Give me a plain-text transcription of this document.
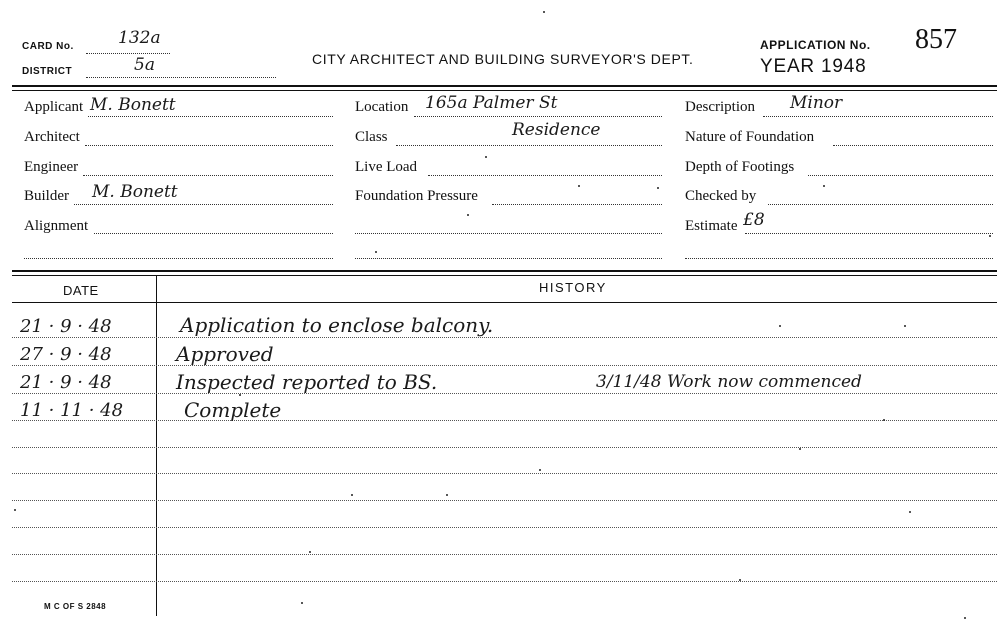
CARD No.	132a
DISTRICT	5a	CITY ARCHITECT AND BUILDING SURVEYOR'S DEPT.
APPLICATION No. 857
YEAR 1948
Applicant M. Bonett
Architect
Engineer
Builder M. Bonett
Alignment
Location 165a Palmer St
Class	Residence
Live Load
Foundation Pressure
Description Minor
Nature of Foundation
Depth of Footings
Checked by
Estimate £8
DATE	HISTORY
21 · 9 · 48	Application to enclose balcony.
27 · 9 · 48	Approved
21 · 9 · 48	Inspected reported to BS.	3/11/48 Work now commenced
11 · 11 · 48	Complete
M C OF S 2848
